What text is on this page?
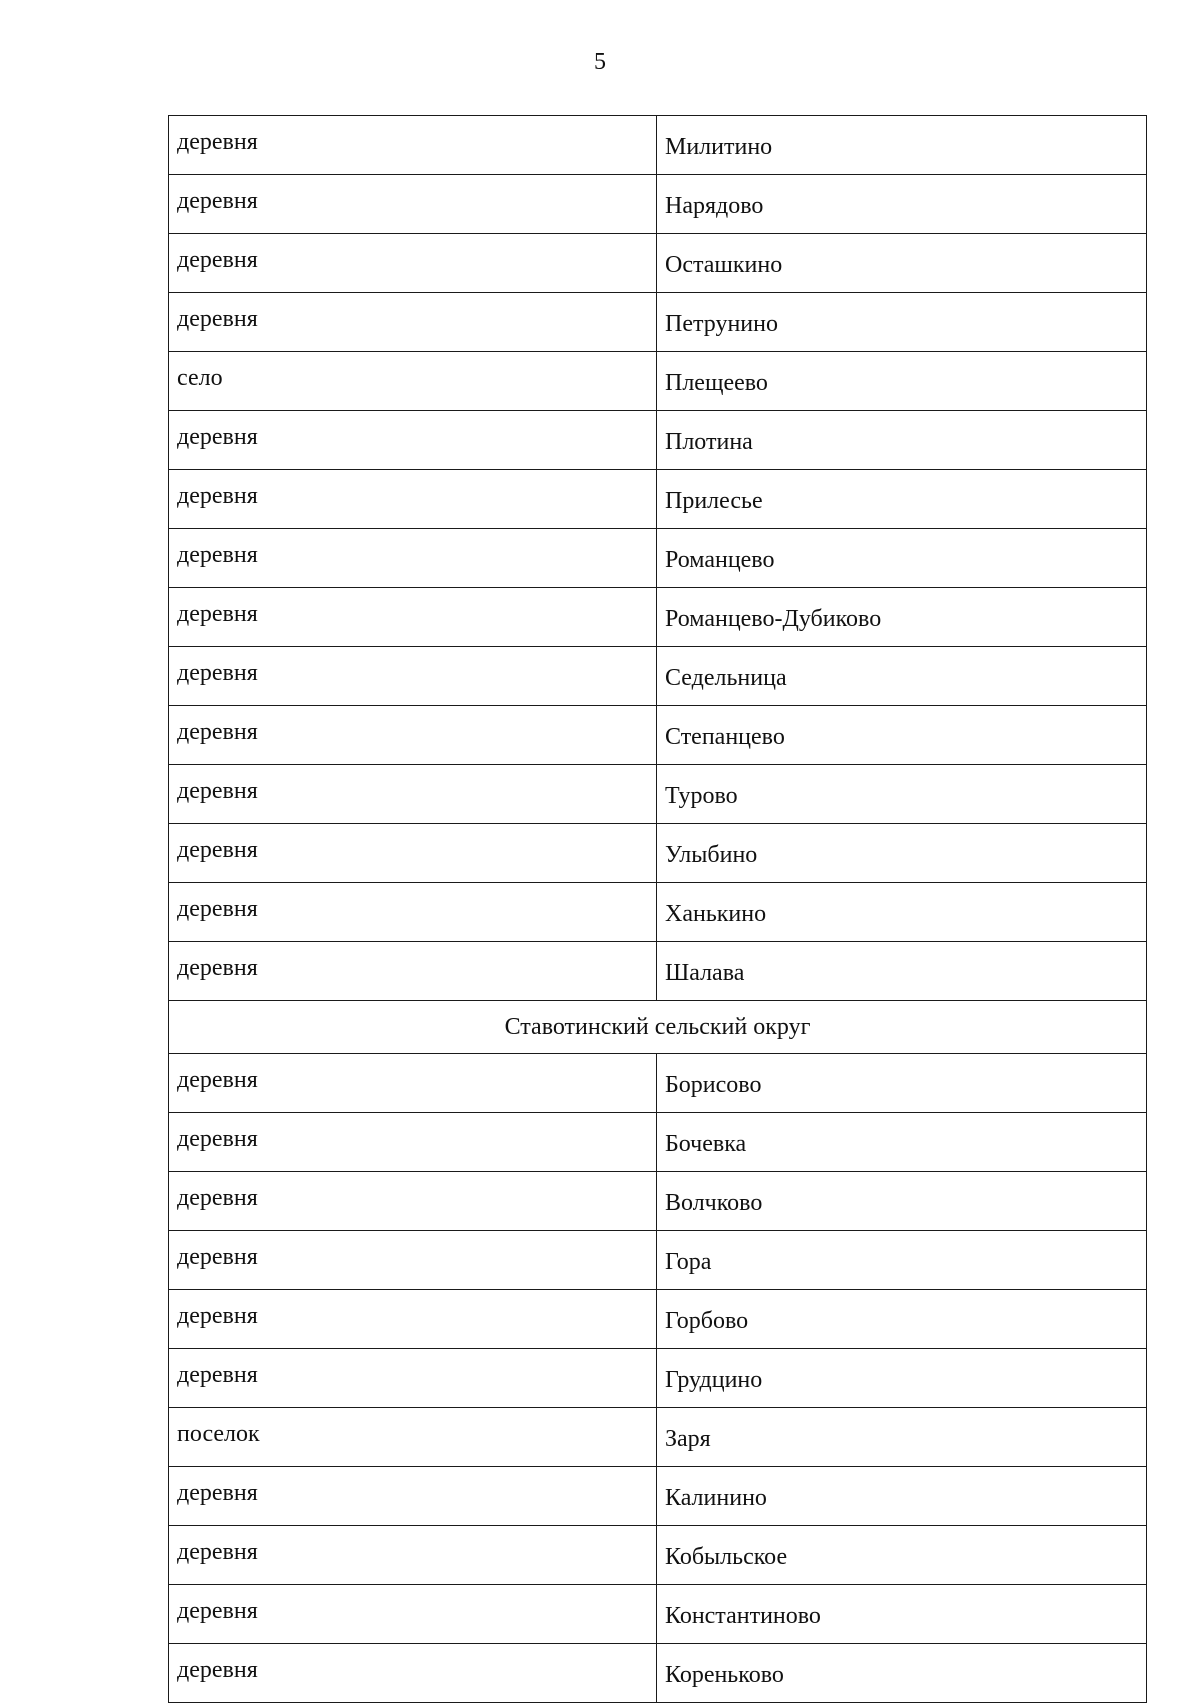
5
деревня	Милитино
деревня	Нарядово
деревня	Осташкино
деревня	Петрунино
село	Плещеево
деревня	Плотина
деревня	Прилесье
деревня	Романцево
деревня	Романцево-Дубиково
деревня	Седельница
деревня	Степанцево
деревня	Турово
деревня	Улыбино
деревня	Ханькино
деревня	Шалава
Ставотинский сельский округ	
деревня	Борисово
деревня	Бочевка
деревня	Волчково
деревня	Гора
деревня	Горбово
деревня	Грудцино
поселок	Заря
деревня	Калинино
деревня	Кобыльское
деревня	Константиново
деревня	Кореньково
